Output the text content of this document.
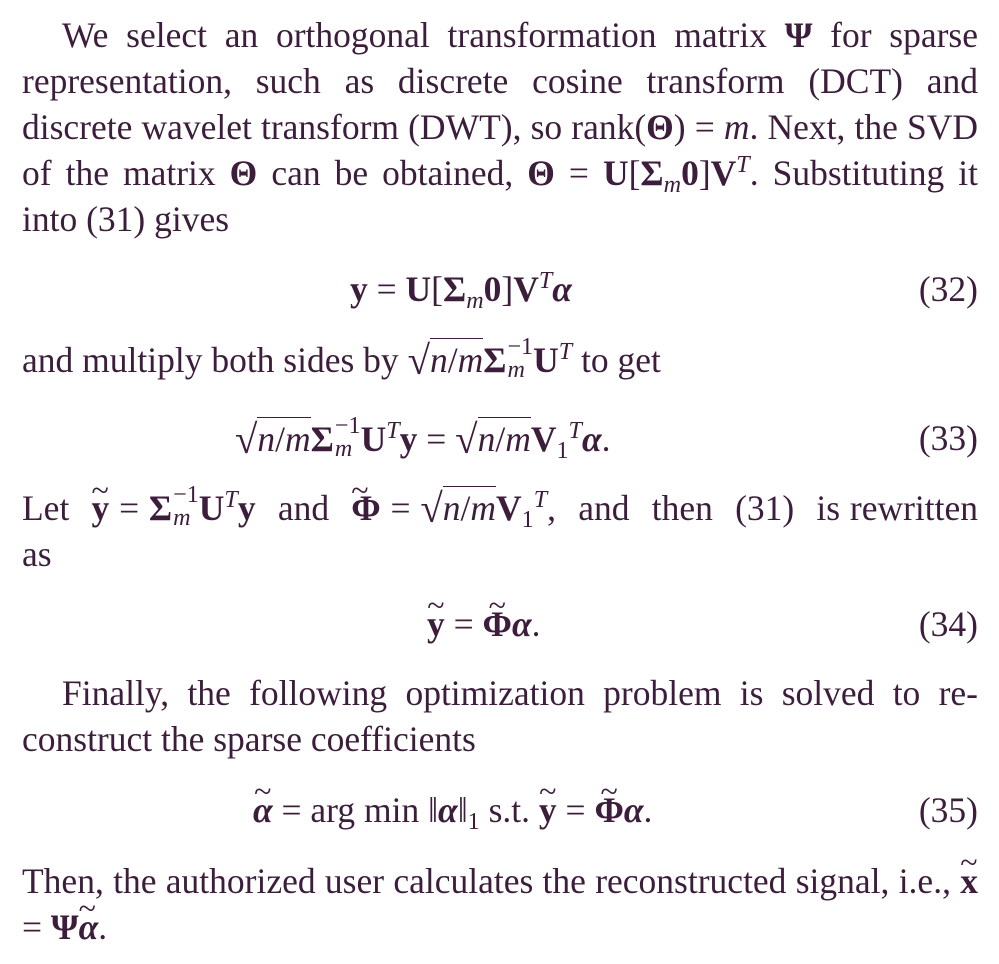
We select an orthogonal transformation matrix Ψ for sparse representation, such as discrete cosine transform (DCT) and discrete wavelet transform (DWT), so rank(Θ) = m. Next, the SVD of the matrix Θ can be obtained, $\Theta = U[\Sigma_m0]V^T$. Substituting it into (31) gives
$y = U[\Sigma_m0]V^T\alpha$	(32)
and multiply both sides by √n/mΣ −1
m $U^T$ to get
√n/mΣ −1
m $U^Ty = √n/mV_1^T\alpha$.	(33)
Let ~ y = Σ −1
m $U^Ty$ and ~ $\Phi = √n/mV_1^T$, and then (31) is rewritten as
~ y = ~ Φα.	(34)
Finally, the following optimization problem is solved to re- construct the sparse coefficients
~ α = arg $\min ‖\alpha‖_1$ s.t. ~ y = ~ Φα.	(35)
Then, the authorized user calculates the reconstructed signal, i.e., ~ x = Ψ~ α.
